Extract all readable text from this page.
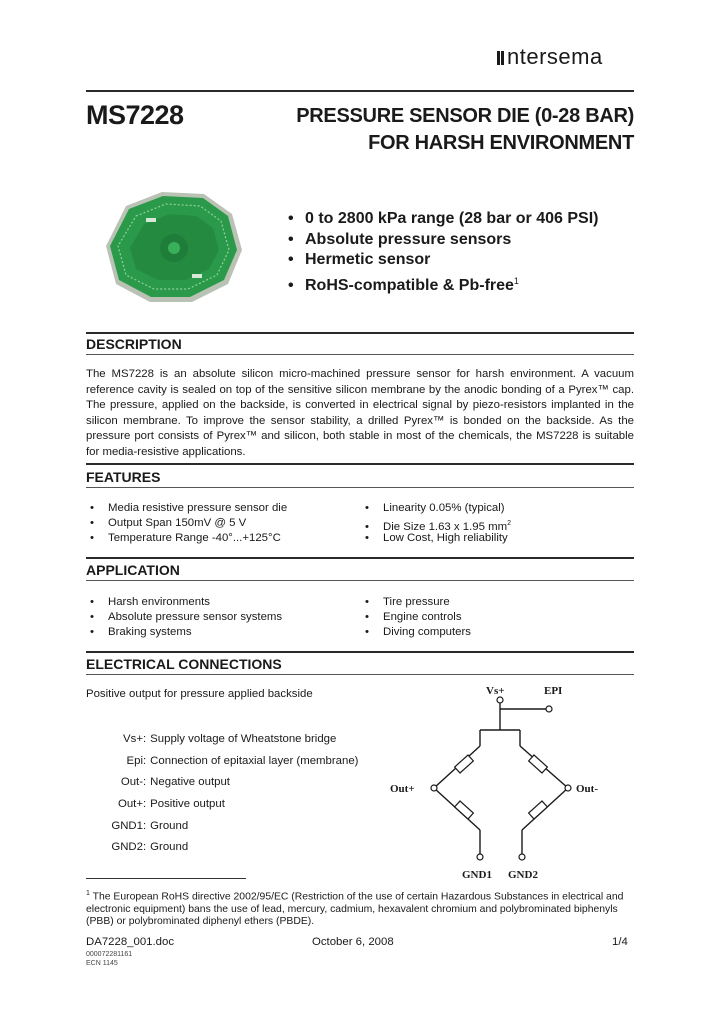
ntersema
MS7228	PRESSURE SENSOR DIE (0-28 BAR)
FOR HARSH ENVIRONMENT
• 0 to 2800 kPa range (28 bar or 406 PSI)
• Absolute pressure sensors
• Hermetic sensor
• RoHS-compatible & Pb-free$^1$
DESCRIPTION
The MS7228 is an absolute silicon micro-machined pressure sensor for harsh environment. A vacuum reference cavity is sealed on top of the sensitive silicon membrane by the anodic bonding of a Pyrex™ cap. The pressure, applied on the backside, is converted in electrical signal by piezo-resistors implanted in the silicon membrane. To improve the sensor stability, a drilled Pyrex™ is bonded on the backside. As the pressure port consists of Pyrex™ and silicon, both stable in most of the chemicals, the MS7228 is suitable for media-resistive applications.
FEATURES
• Media resistive pressure sensor die
• Output Span 150mV @ 5 V
• Temperature Range -40°...+125°C
• Linearity 0.05% (typical)
• Die Size 1.63 x 1.95 $mm^2$
• Low Cost, High reliability
APPLICATION
• Harsh environments
• Absolute pressure sensor systems
• Braking systems
• Tire pressure
• Engine controls
• Diving computers
ELECTRICAL CONNECTIONS
Positive output for pressure applied backside
Vs+	:	Supply voltage of Wheatstone bridge
Epi	:	Connection of epitaxial layer (membrane)
Out-	:	Negative output
Out+	:	Positive output
GND1	:	Ground
GND2	:	Ground
Vs+	EPI
Out+	Out-
GND1 GND2
$^1$ The European RoHS directive 2002/95/EC (Restriction of the use of certain Hazardous Substances in electrical and electronic equipment) bans the use of lead, mercury, cadmium, hexavalent chromium and polybrominated biphenyls (PBB) or polybrominated diphenyl ethers (PBDE).
DA7228_001.doc	October 6, 2008	1/4
000072281161
ECN 1145
